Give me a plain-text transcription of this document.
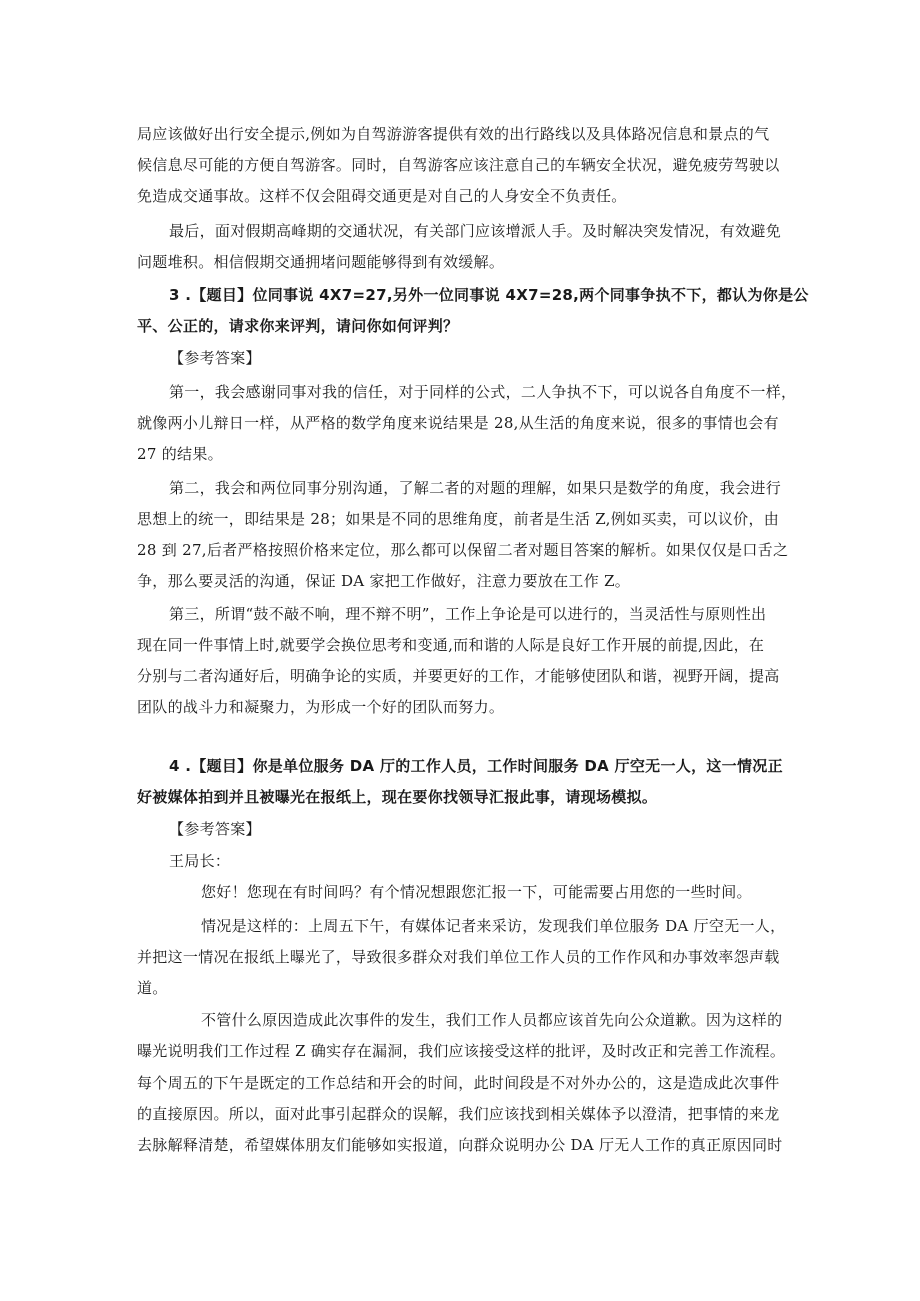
局应该做好出行安全提示,例如为自驾游游客提供有效的出行路线以及具体路况信息和景点的气
候信息尽可能的方便自驾游客。同时，自驾游客应该注意自己的车辆安全状况，避免疲劳驾驶以
免造成交通事故。这样不仅会阻碍交通更是对自己的人身安全不负责任。
最后，面对假期高峰期的交通状况，有关部门应该增派人手。及时解决突发情况，有效避免
问题堆积。相信假期交通拥堵问题能够得到有效缓解。
3 .【题目】位同事说 4X7=27,另外一位同事说 4X7=28,两个同事争执不下，都认为你是公
平、公正的，请求你来评判，请问你如何评判？
【参考答案】
第一，我会感谢同事对我的信任，对于同样的公式，二人争执不下，可以说各自角度不一样，
就像两小儿辩日一样，从严格的数学角度来说结果是 28,从生活的角度来说，很多的事情也会有
27 的结果。
第二，我会和两位同事分别沟通，了解二者的对题的理解，如果只是数学的角度，我会进行
思想上的统一，即结果是 28；如果是不同的思维角度，前者是生活 Z,例如买卖，可以议价，由
28 到 27,后者严格按照价格来定位，那么都可以保留二者对题目答案的解析。如果仅仅是口舌之
争，那么要灵活的沟通，保证 DA 家把工作做好，注意力要放在工作 Z。
第三，所谓“鼓不敲不响，理不辩不明”，工作上争论是可以进行的，当灵活性与原则性出
现在同一件事情上时,就要学会换位思考和变通,而和谐的人际是良好工作开展的前提,因此，在
分别与二者沟通好后，明确争论的实质，并要更好的工作，才能够使团队和谐，视野开阔，提高
团队的战斗力和凝聚力，为形成一个好的团队而努力。
4 .【题目】你是单位服务 DA 厅的工作人员，工作时间服务 DA 厅空无一人，这一情况正
好被媒体拍到并且被曝光在报纸上，现在要你找领导汇报此事，请现场模拟。
【参考答案】
王局长：
您好！您现在有时间吗？有个情况想跟您汇报一下，可能需要占用您的一些时间。
情况是这样的：上周五下午，有媒体记者来采访，发现我们单位服务 DA 厅空无一人，
并把这一情况在报纸上曝光了，导致很多群众对我们单位工作人员的工作作风和办事效率怨声载
道。
不管什么原因造成此次事件的发生，我们工作人员都应该首先向公众道歉。因为这样的
曝光说明我们工作过程 Z 确实存在漏洞，我们应该接受这样的批评，及时改正和完善工作流程。
每个周五的下午是既定的工作总结和开会的时间，此时间段是不对外办公的，这是造成此次事件
的直接原因。所以，面对此事引起群众的误解，我们应该找到相关媒体予以澄清，把事情的来龙
去脉解释清楚，希望媒体朋友们能够如实报道，向群众说明办公 DA 厅无人工作的真正原因同时
